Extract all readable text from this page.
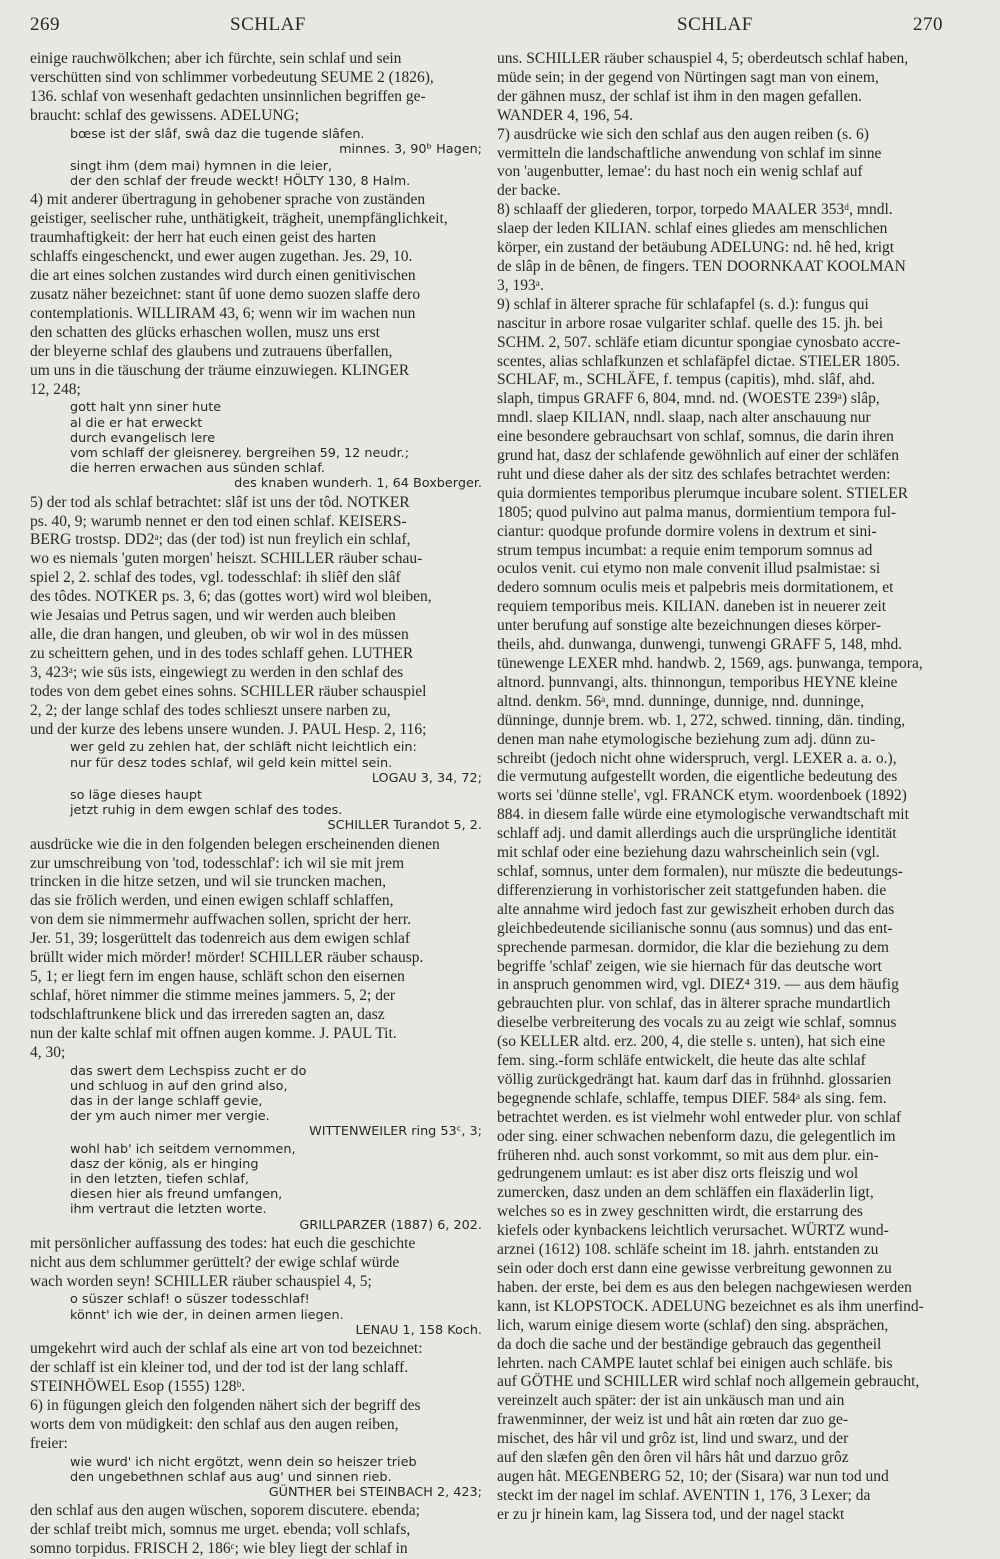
269	SCHLAF	SCHLAF	270

einige rauchwölkchen; aber ich fürchte, sein schlaf und sein
verschütten sind von schlimmer vorbedeutung SEUME 2 (1826),
136. schlaf von wesenhaft gedachten unsinnlichen begriffen ge-
braucht: schlaf des gewissens. ADELUNG;

bœse ist der slâf, swâ daz die tugende slâfen.
minnes. 3, 90ᵇ Hagen;
singt ihm (dem mai) hymnen in die leier,
der den schlaf der freude weckt! HÖLTY 130, 8 Halm.

4) mit anderer übertragung in gehobener sprache von zuständen
geistiger, seelischer ruhe, unthätigkeit, trägheit, unempfänglichkeit,
traumhaftigkeit: der herr hat euch einen geist des harten
schlaffs eingeschenckt, und ewer augen zugethan. Jes. 29, 10.
die art eines solchen zustandes wird durch einen genitivischen
zusatz näher bezeichnet: stant ûf uone demo suozen slaffe dero
contemplationis. WILLIRAM 43, 6; wenn wir im wachen nun
den schatten des glücks erhaschen wollen, musz uns erst
der bleyerne schlaf des glaubens und zutrauens überfallen,
um uns in die täuschung der träume einzuwiegen. KLINGER
12, 248;

gott halt ynn siner hute
al die er hat erweckt
durch evangelisch lere
vom schlaff der gleisnerey. bergreihen 59, 12 neudr.;
die herren erwachen aus sünden schlaf.
des knaben wunderh. 1, 64 Boxberger.

5) der tod als schlaf betrachtet: slâf ist uns der tôd. NOTKER
ps. 40, 9; warumb nennet er den tod einen schlaf. KEISERS-
BERG trostsp. DD2ᵃ; das (der tod) ist nun freylich ein schlaf,
wo es niemals 'guten morgen' heiszt. SCHILLER räuber schau-
spiel 2, 2. schlaf des todes, vgl. todesschlaf: ih sliêf den slâf
des tôdes. NOTKER ps. 3, 6; das (gottes wort) wird wol bleiben,
wie Jesaias und Petrus sagen, und wir werden auch bleiben
alle, die dran hangen, und gleuben, ob wir wol in des müssen
zu scheittern gehen, und in des todes schlaff gehen. LUTHER
3, 423ᵃ; wie süs ists, eingewiegt zu werden in den schlaf des
todes von dem gebet eines sohns. SCHILLER räuber schauspiel
2, 2; der lange schlaf des todes schlieszt unsere narben zu,
und der kurze des lebens unsere wunden. J. PAUL Hesp. 2, 116;

wer geld zu zehlen hat, der schläft nicht leichtlich ein:
nur für desz todes schlaf, wil geld kein mittel sein.
LOGAU 3, 34, 72;
so läge dieses haupt
jetzt ruhig in dem ewgen schlaf des todes.
SCHILLER Turandot 5, 2.

ausdrücke wie die in den folgenden belegen erscheinenden dienen
zur umschreibung von 'tod, todesschlaf': ich wil sie mit jrem
trincken in die hitze setzen, und wil sie truncken machen,
das sie frölich werden, und einen ewigen schlaff schlaffen,
von dem sie nimmermehr auffwachen sollen, spricht der herr.
Jer. 51, 39; losgerüttelt das todenreich aus dem ewigen schlaf
brüllt wider mich mörder! mörder! SCHILLER räuber schausp.
5, 1; er liegt fern im engen hause, schläft schon den eisernen
schlaf, höret nimmer die stimme meines jammers. 5, 2; der
todschlaftrunkene blick und das irrereden sagten an, dasz
nun der kalte schlaf mit offnen augen komme. J. PAUL Tit.
4, 30;

das swert dem Lechspiss zucht er do
und schluog in auf den grind also,
das in der lange schlaff gevie,
der ym auch nimer mer vergie.
WITTENWEILER ring 53ᶜ, 3;
wohl hab' ich seitdem vernommen,
dasz der könig, als er hinging
in den letzten, tiefen schlaf,
diesen hier als freund umfangen,
ihm vertraut die letzten worte.
GRILLPARZER (1887) 6, 202.

mit persönlicher auffassung des todes: hat euch die geschichte
nicht aus dem schlummer gerüttelt? der ewige schlaf würde
wach worden seyn! SCHILLER räuber schauspiel 4, 5;

o süszer schlaf! o süszer todesschlaf!
könnt' ich wie der, in deinen armen liegen.
LENAU 1, 158 Koch.

umgekehrt wird auch der schlaf als eine art von tod bezeichnet:
der schlaff ist ein kleiner tod, und der tod ist der lang schlaff.
STEINHÖWEL Esop (1555) 128ᵇ.
6) in fügungen gleich den folgenden nähert sich der begriff des
worts dem von müdigkeit: den schlaf aus den augen reiben,
freier:

wie wurd' ich nicht ergötzt, wenn dein so heiszer trieb
den ungebethnen schlaf aus aug' und sinnen rieb.
GÜNTHER bei STEINBACH 2, 423;

den schlaf aus den augen wüschen, soporem discutere. ebenda;
der schlaf treibt mich, somnus me urget. ebenda; voll schlafs,
somno torpidus. FRISCH 2, 186ᶜ; wie bley liegt der schlaf in

uns. SCHILLER räuber schauspiel 4, 5; oberdeutsch schlaf haben,
müde sein; in der gegend von Nürtingen sagt man von einem,
der gähnen musz, der schlaf ist ihm in den magen gefallen.
WANDER 4, 196, 54.
7) ausdrücke wie sich den schlaf aus den augen reiben (s. 6)
vermitteln die landschaftliche anwendung von schlaf im sinne
von 'augenbutter, lemae': du hast noch ein wenig schlaf auf
der backe.
8) schlaaff der gliederen, torpor, torpedo MAALER 353ᵈ, mndl.
slaep der leden KILIAN. schlaf eines gliedes am menschlichen
körper, ein zustand der betäubung ADELUNG: nd. hê hed, krigt
de slâp in de bênen, de fingers. TEN DOORNKAAT KOOLMAN
3, 193ᵃ.
9) schlaf in älterer sprache für schlafapfel (s. d.): fungus qui
nascitur in arbore rosae vulgariter schlaf. quelle des 15. jh. bei
SCHM. 2, 507. schläfe etiam dicuntur spongiae cynosbato accre-
scentes, alias schlafkunzen et schlafäpfel dictae. STIELER 1805.
SCHLAF, m., SCHLÄFE, f. tempus (capitis), mhd. slâf, ahd.
slaph, timpus GRAFF 6, 804, mnd. nd. (WOESTE 239ᵃ) slâp,
mndl. slaep KILIAN, nndl. slaap, nach alter anschauung nur
eine besondere gebrauchsart von schlaf, somnus, die darin ihren
grund hat, dasz der schlafende gewöhnlich auf einer der schläfen
ruht und diese daher als der sitz des schlafes betrachtet werden:
quia dormientes temporibus plerumque incubare solent. STIELER
1805; quod pulvino aut palma manus, dormientium tempora ful-
ciantur: quodque profunde dormire volens in dextrum et sini-
strum tempus incumbat: a requie enim temporum somnus ad
oculos venit. cui etymo non male convenit illud psalmistae: si
dedero somnum oculis meis et palpebris meis dormitationem, et
requiem temporibus meis. KILIAN. daneben ist in neuerer zeit
unter berufung auf sonstige alte bezeichnungen dieses körper-
theils, ahd. dunwanga, dunwengi, tunwengi GRAFF 5, 148, mhd.
tünewenge LEXER mhd. handwb. 2, 1569, ags. þunwanga, tempora,
altnord. þunnvangi, alts. thinnongun, temporibus HEYNE kleine
altnd. denkm. 56ᵃ, mnd. dunninge, dunnige, nnd. dunninge,
dünninge, dunnje brem. wb. 1, 272, schwed. tinning, dän. tinding,
denen man nahe etymologische beziehung zum adj. dünn zu-
schreibt (jedoch nicht ohne widerspruch, vergl. LEXER a. a. o.),
die vermutung aufgestellt worden, die eigentliche bedeutung des
worts sei 'dünne stelle', vgl. FRANCK etym. woordenboek (1892)
884. in diesem falle würde eine etymologische verwandtschaft mit
schlaff adj. und damit allerdings auch die ursprüngliche identität
mit schlaf oder eine beziehung dazu wahrscheinlich sein (vgl.
schlaf, somnus, unter dem formalen), nur müszte die bedeutungs-
differenzierung in vorhistorischer zeit stattgefunden haben. die
alte annahme wird jedoch fast zur gewiszheit erhoben durch das
gleichbedeutende sicilianische sonnu (aus somnus) und das ent-
sprechende parmesan. dormidor, die klar die beziehung zu dem
begriffe 'schlaf' zeigen, wie sie hiernach für das deutsche wort
in anspruch genommen wird, vgl. DIEZ⁴ 319. — aus dem häufig
gebrauchten plur. von schlaf, das in älterer sprache mundartlich
dieselbe verbreiterung des vocals zu au zeigt wie schlaf, somnus
(so KELLER altd. erz. 200, 4, die stelle s. unten), hat sich eine
fem. sing.-form schläfe entwickelt, die heute das alte schlaf
völlig zurückgedrängt hat. kaum darf das in frühnhd. glossarien
begegnende schlafe, schlaffe, tempus DIEF. 584ᵃ als sing. fem.
betrachtet werden. es ist vielmehr wohl entweder plur. von schlaf
oder sing. einer schwachen nebenform dazu, die gelegentlich im
früheren nhd. auch sonst vorkommt, so mit aus dem plur. ein-
gedrungenem umlaut: es ist aber disz orts fleiszig und wol
zumercken, dasz unden an dem schläffen ein flaxäderlin ligt,
welches so es in zwey geschnitten wirdt, die erstarrung des
kiefels oder kynbackens leichtlich verursachet. WÜRTZ wund-
arznei (1612) 108. schläfe scheint im 18. jahrh. entstanden zu
sein oder doch erst dann eine gewisse verbreitung gewonnen zu
haben. der erste, bei dem es aus den belegen nachgewiesen werden
kann, ist KLOPSTOCK. ADELUNG bezeichnet es als ihm unerfind-
lich, warum einige diesem worte (schlaf) den sing. absprächen,
da doch die sache und der beständige gebrauch das gegentheil
lehrten. nach CAMPE lautet schlaf bei einigen auch schläfe. bis
auf GÖTHE und SCHILLER wird schlaf noch allgemein gebraucht,
vereinzelt auch später: der ist ain unkäusch man und ain
frawenminner, der weiz ist und hât ain rœten dar zuo ge-
mischet, des hâr vil und grôz ist, lind und swarz, und der
auf den slæfen gên den ôren vil hârs hât und darzuo grôz
augen hât. MEGENBERG 52, 10; der (Sisara) war nun tod und
steckt im der nagel im schlaf. AVENTIN 1, 176, 3 Lexer; da
er zu jr hinein kam, lag Sissera tod, und der nagel stackt
